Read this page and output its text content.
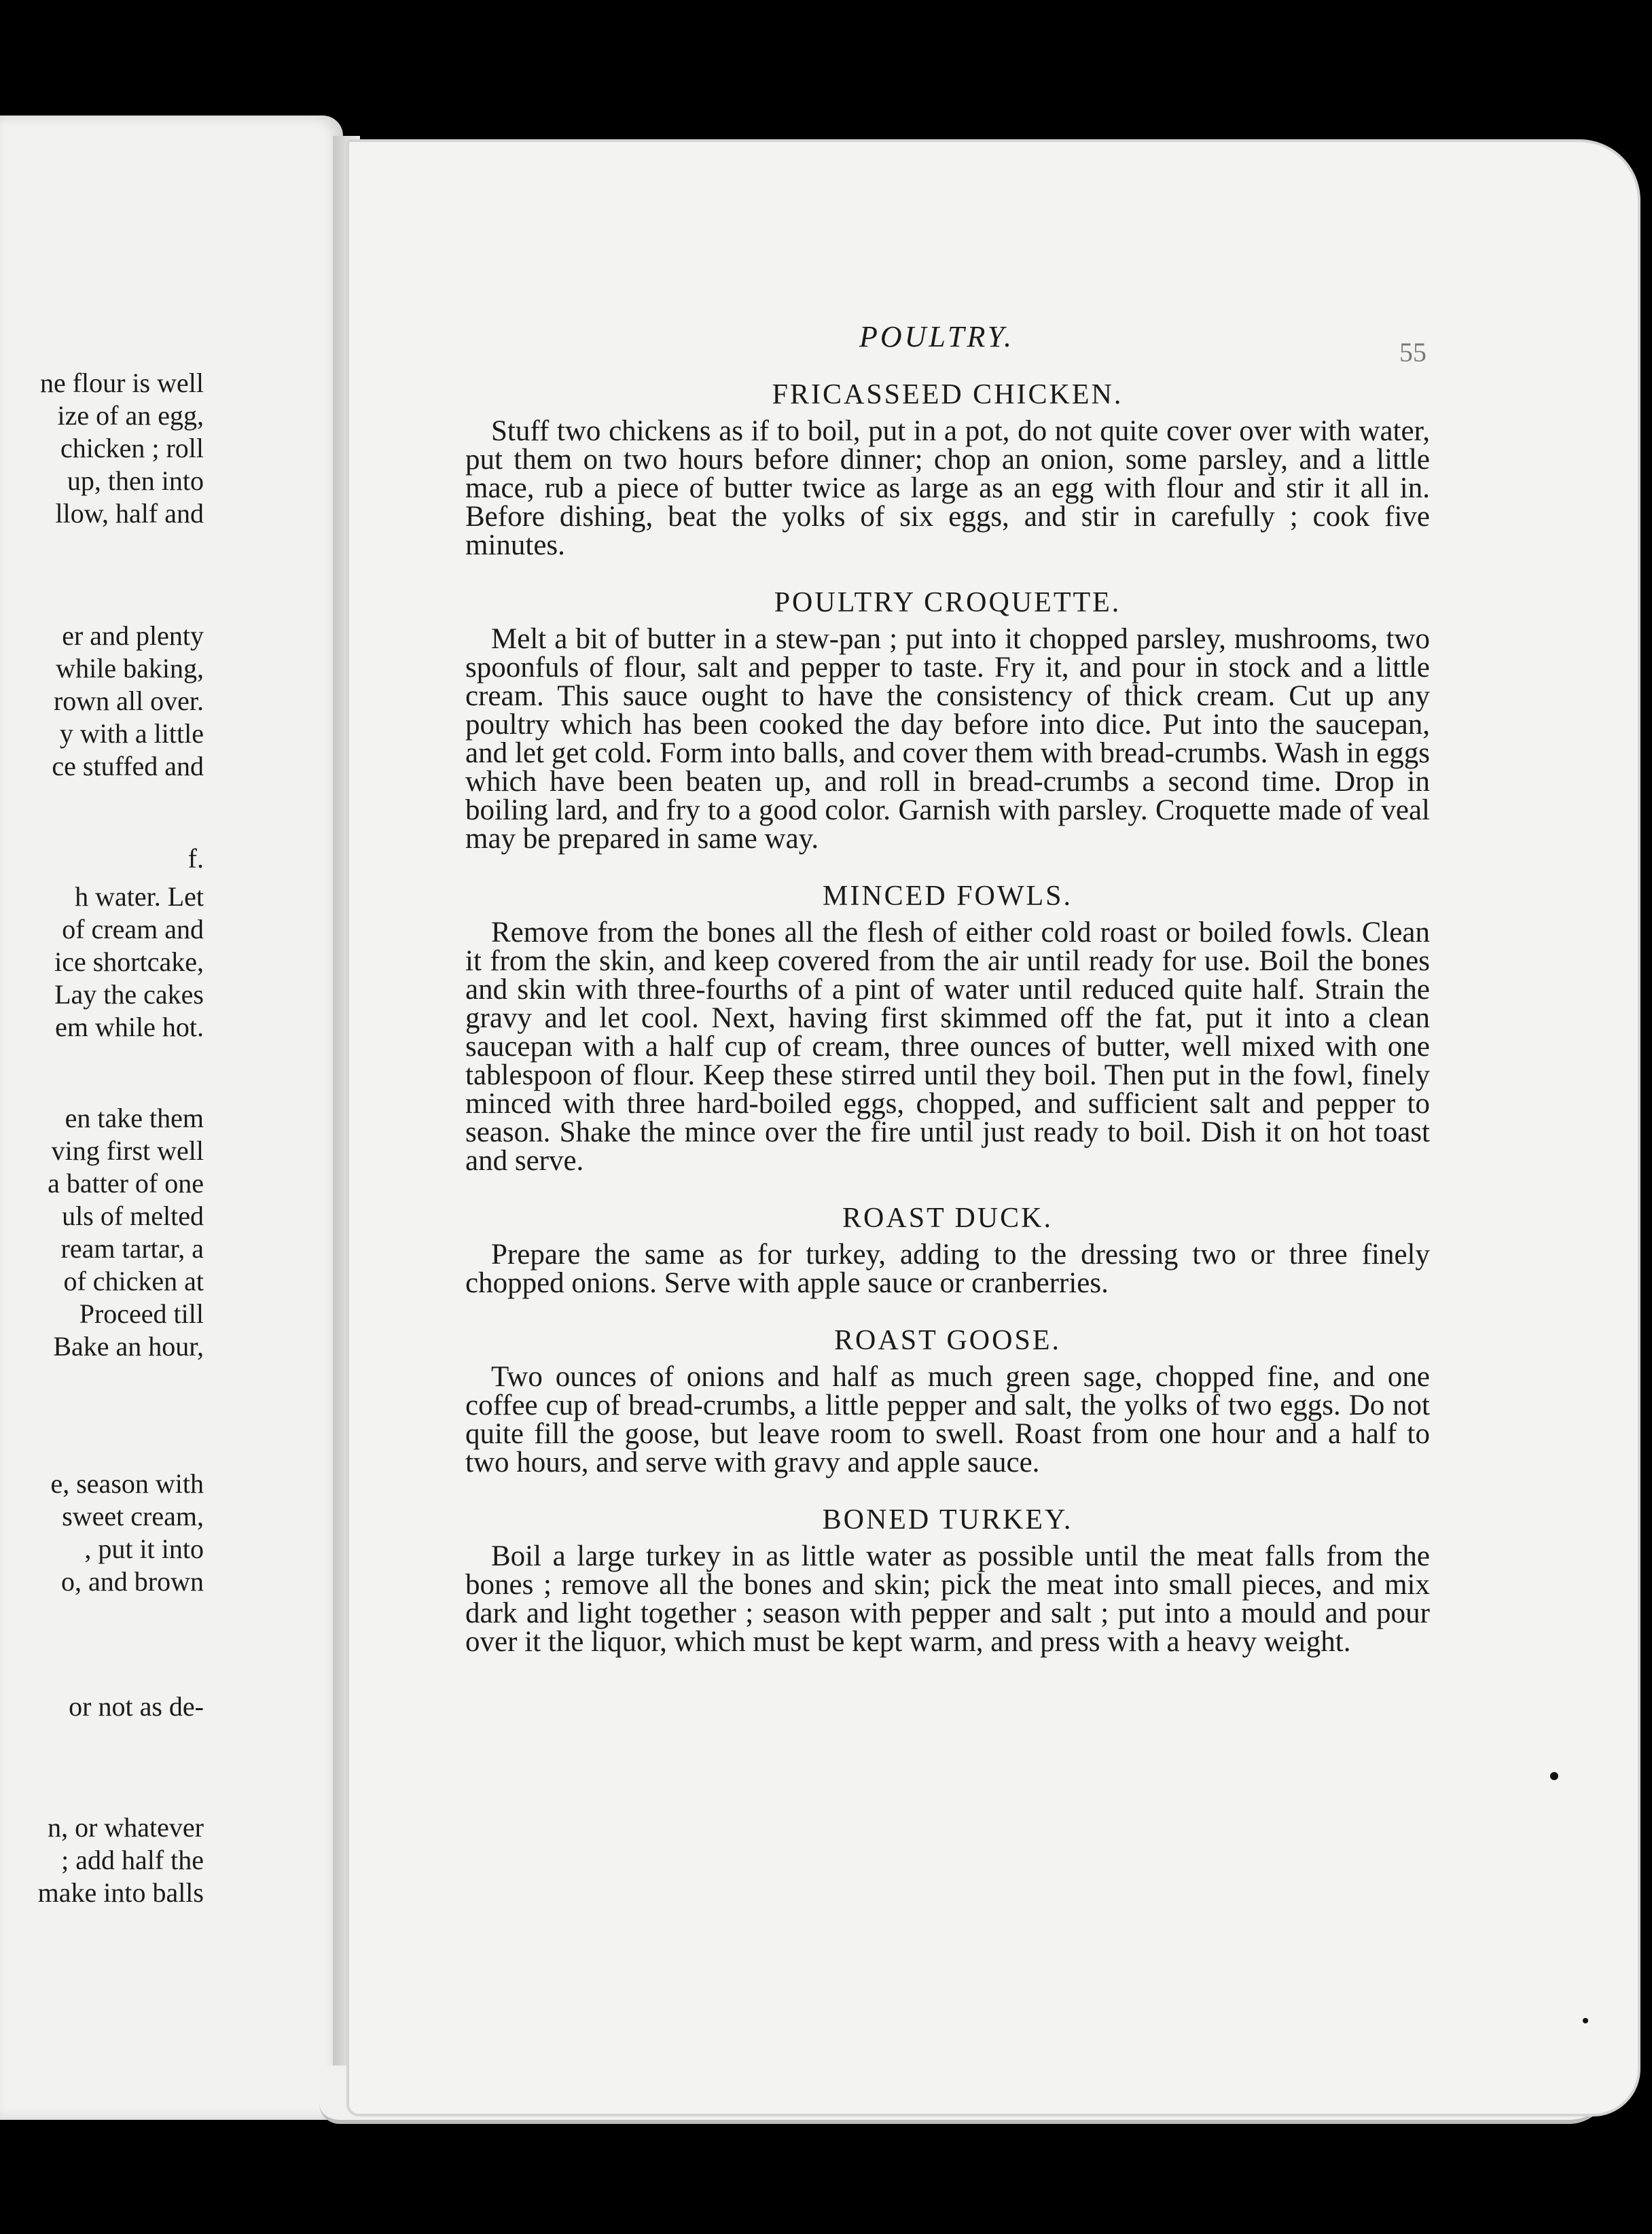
ne flour is well
ize of an egg,
chicken ; roll
up, then into
llow, half and
er and plenty
while baking,
rown all over.
y with a little
ce stuffed and
f.
h water. Let
of cream and
ice shortcake,
Lay the cakes
em while hot.
en take them
ving first well
a batter of one
uls of melted
ream tartar, a
of chicken at
Proceed till
Bake an hour,
e, season with
sweet cream,
, put it into
o, and brown
or not as de-
n, or whatever
; add half the
make into balls
POULTRY.	55
FRICASSEED CHICKEN.

Stuff two chickens as if to boil, put in a pot, do not quite cover over with water, put them on two hours before dinner; chop an onion, some parsley, and a little mace, rub a piece of butter twice as large as an egg with flour and stir it all in. Before dishing, beat the yolks of six eggs, and stir in carefully ; cook five minutes.

POULTRY CROQUETTE.

Melt a bit of butter in a stew-pan ; put into it chopped parsley, mushrooms, two spoonfuls of flour, salt and pepper to taste. Fry it, and pour in stock and a little cream. This sauce ought to have the consistency of thick cream. Cut up any poultry which has been cooked the day before into dice. Put into the saucepan, and let get cold. Form into balls, and cover them with bread-crumbs. Wash in eggs which have been beaten up, and roll in bread-crumbs a second time. Drop in boiling lard, and fry to a good color. Garnish with parsley. Croquette made of veal may be prepared in same way.

MINCED FOWLS.

Remove from the bones all the flesh of either cold roast or boiled fowls. Clean it from the skin, and keep covered from the air until ready for use. Boil the bones and skin with three-fourths of a pint of water until reduced quite half. Strain the gravy and let cool. Next, having first skimmed off the fat, put it into a clean saucepan with a half cup of cream, three ounces of butter, well mixed with one tablespoon of flour. Keep these stirred until they boil. Then put in the fowl, finely minced with three hard-boiled eggs, chopped, and sufficient salt and pepper to season. Shake the mince over the fire until just ready to boil. Dish it on hot toast and serve.

ROAST DUCK.

Prepare the same as for turkey, adding to the dressing two or three finely chopped onions. Serve with apple sauce or cranberries.

ROAST GOOSE.

Two ounces of onions and half as much green sage, chopped fine, and one coffee cup of bread-crumbs, a little pepper and salt, the yolks of two eggs. Do not quite fill the goose, but leave room to swell. Roast from one hour and a half to two hours, and serve with gravy and apple sauce.

BONED TURKEY.

Boil a large turkey in as little water as possible until the meat falls from the bones ; remove all the bones and skin; pick the meat into small pieces, and mix dark and light together ; season with pepper and salt ; put into a mould and pour over it the liquor, which must be kept warm, and press with a heavy weight.
